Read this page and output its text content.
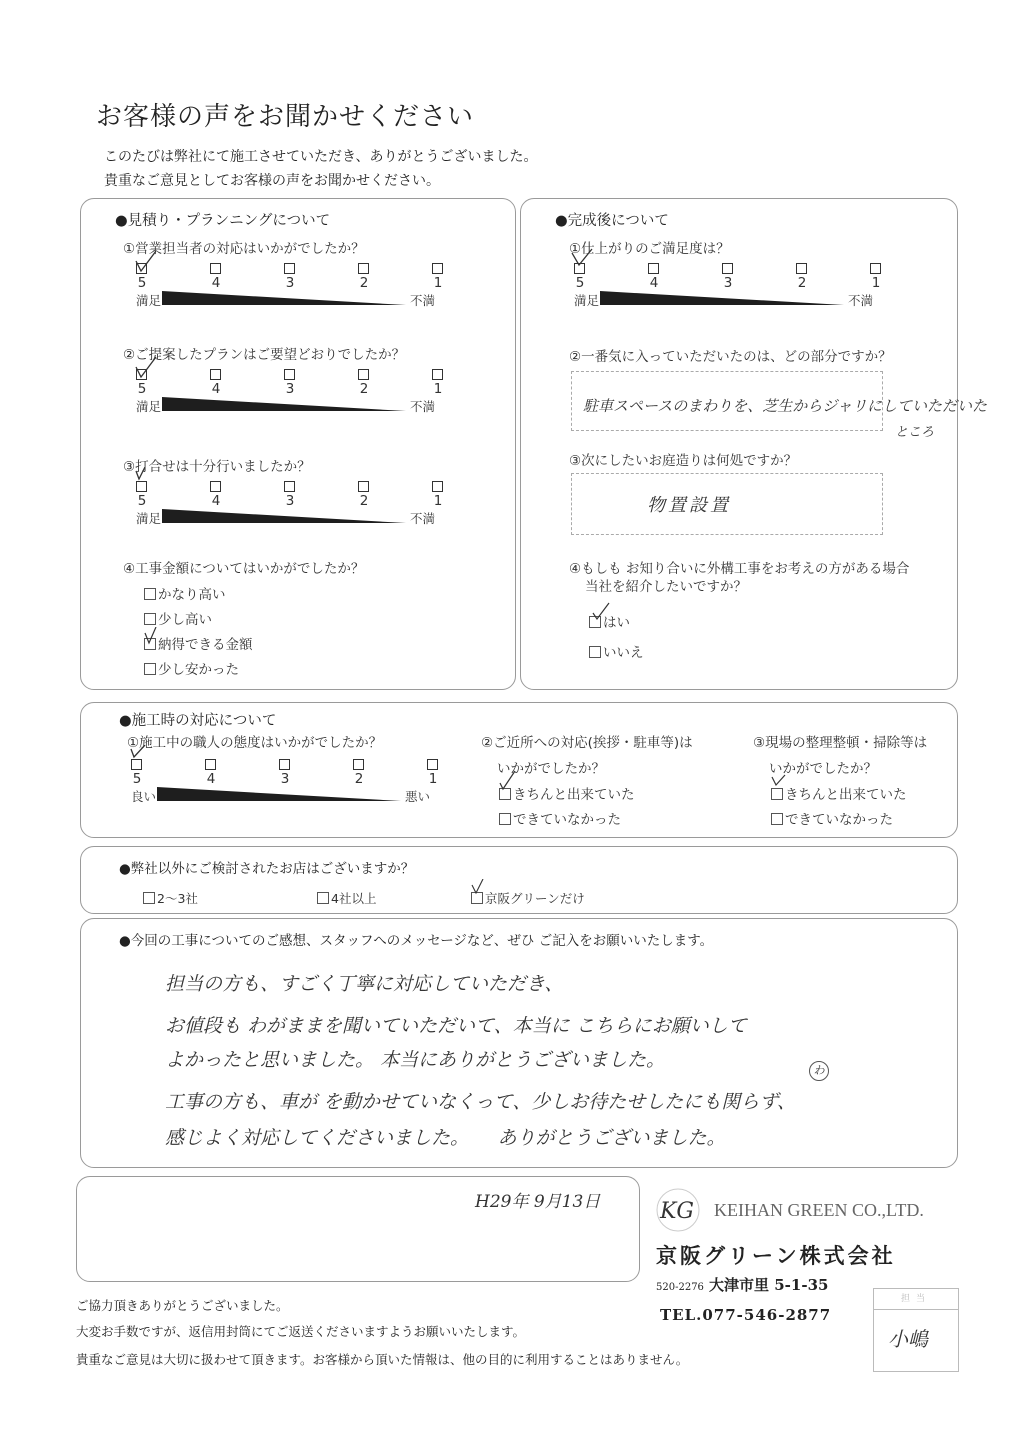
お客様の声をお聞かせください
このたびは弊社にて施工させていただき、ありがとうございました。
貴重なご意見としてお客様の声をお聞かせください。
●見積り・プランニングについて
①営業担当者の対応はいかがでしたか？
5	4	3	2	1
満足	不満
②ご提案したプランはご要望どおりでしたか？
5	4	3	2	1
満足	不満
③打合せは十分行いましたか？
5	4	3	2	1
満足	不満
④工事金額についてはいかがでしたか？
かなり高い
少し高い
納得できる金額
少し安かった
●完成後について
①仕上がりのご満足度は？
5	4	3	2	1
満足	不満
②一番気に入っていただいたのは、どの部分ですか？
駐車スペースのまわりを、芝生からジャリにしていただいた
ところ
③次にしたいお庭造りは何処ですか？
物置設置
④もしも お知り合いに外構工事をお考えの方がある場合
当社を紹介したいですか？
はい
いいえ
●施工時の対応について
①施工中の職人の態度はいかがでしたか？
5	4	3	2	1
良い	悪い
②ご近所への対応(挨拶・駐車等)は
いかがでしたか？
きちんと出来ていた
できていなかった
③現場の整理整頓・掃除等は
いかがでしたか？
きちんと出来ていた
できていなかった
●弊社以外にご検討されたお店はございますか？
2～3社	4社以上	京阪グリーンだけ
●今回の工事についてのご感想、スタッフへのメッセージなど、ぜひ ご記入をお願いいたします。
担当の方も、すごく丁寧に対応していただき、
お値段も わがままを聞いていただいて、本当に こちらにお願いして
よかったと思いました。 本当にありがとうございました。
工事の方も、車が を動かせていなくって、少しお待たせしたにも関らず、
感じよく対応してくださいました。　　ありがとうございました。
わ
H29年 9月13日	KG KEIHAN GREEN CO.,LTD.
京阪グリーン株式会社
520-2276 大津市里 5-1-35
TEL.077-546-2877
ご協力頂きありがとうございました。
大変お手数ですが、返信用封筒にてご返送くださいますようお願いいたします。
貴重なご意見は大切に扱わせて頂きます。お客様から頂いた情報は、他の目的に利用することはありません。
担当
小嶋
